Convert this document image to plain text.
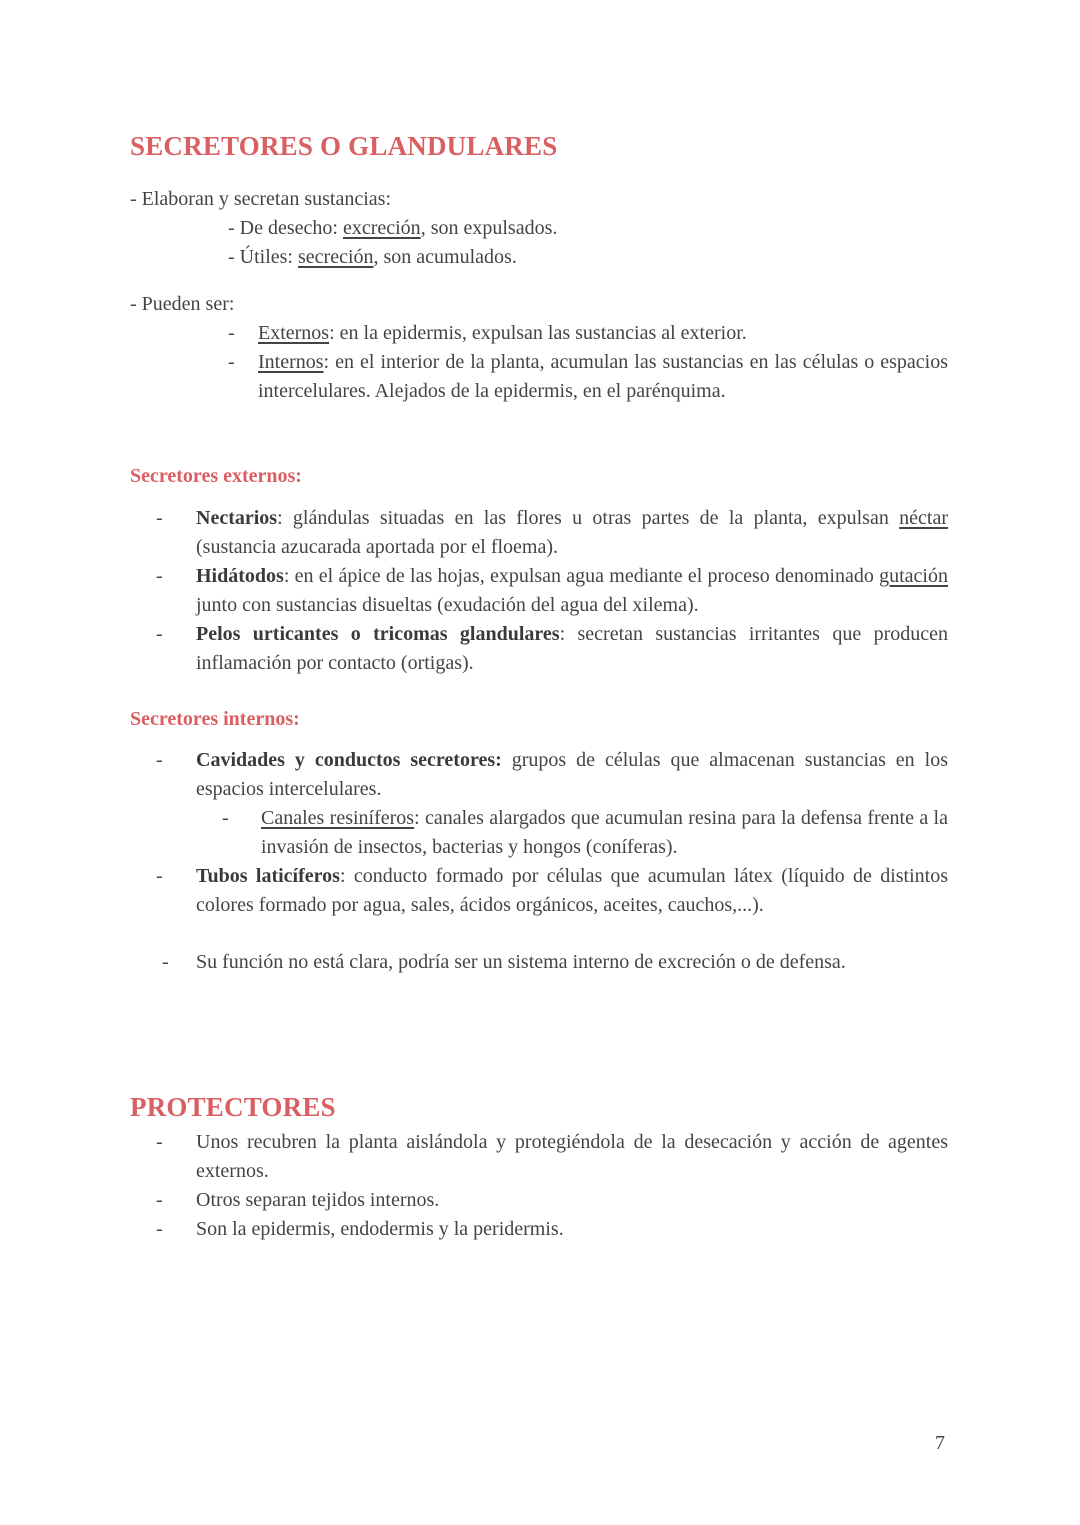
SECRETORES O GLANDULARES
- Elaboran y secretan sustancias:
- De desecho: excreción, son expulsados.
- Útiles: secreción, son acumulados.
- Pueden ser:
- Externos: en la epidermis, expulsan las sustancias al exterior.
- Internos: en el interior de la planta, acumulan las sustancias en las células o espacios intercelulares. Alejados de la epidermis, en el parénquima.
Secretores externos:
- Nectarios: glándulas situadas en las flores u otras partes de la planta, expulsan néctar (sustancia azucarada aportada por el floema).
- Hidátodos: en el ápice de las hojas, expulsan agua mediante el proceso denominado gutación junto con sustancias disueltas (exudación del agua del xilema).
- Pelos urticantes o tricomas glandulares: secretan sustancias irritantes que producen inflamación por contacto (ortigas).
Secretores internos:
- Cavidades y conductos secretores: grupos de células que almacenan sustancias en los espacios intercelulares.
- Canales resiníferos: canales alargados que acumulan resina para la defensa frente a la invasión de insectos, bacterias y hongos (coníferas).
- Tubos laticíferos: conducto formado por células que acumulan látex (líquido de distintos colores formado por agua, sales, ácidos orgánicos, aceites, cauchos,...).
- Su función no está clara, podría ser un sistema interno de excreción o de defensa.
PROTECTORES
- Unos recubren la planta aislándola y protegiéndola de la desecación y acción de agentes externos.
- Otros separan tejidos internos.
- Son la epidermis, endodermis y la peridermis.
7
